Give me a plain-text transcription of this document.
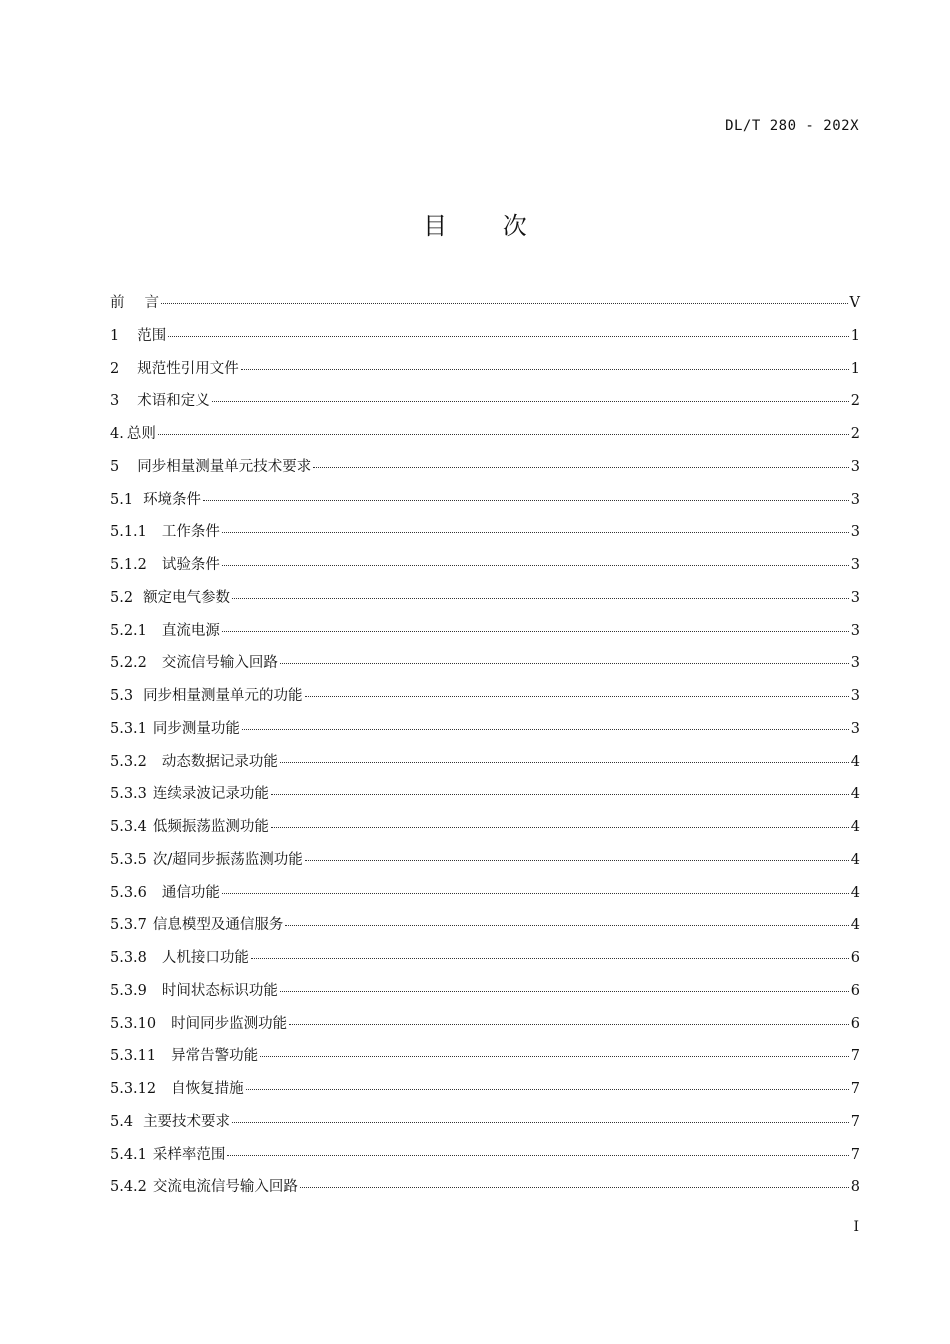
DL/T 280 - 202X
目 次
前 言	V
1 范围	1
2 规范性引用文件	1
3 术语和定义	2
4. 总则	2
5 同步相量测量单元技术要求	3
5.1 环境条件	3
5.1.1 工作条件	3
5.1.2 试验条件	3
5.2 额定电气参数	3
5.2.1 直流电源	3
5.2.2 交流信号输入回路	3
5.3 同步相量测量单元的功能	3
5.3.1 同步测量功能	3
5.3.2 动态数据记录功能	4
5.3.3 连续录波记录功能	4
5.3.4 低频振荡监测功能	4
5.3.5 次/超同步振荡监测功能	4
5.3.6 通信功能	4
5.3.7 信息模型及通信服务	4
5.3.8 人机接口功能	6
5.3.9 时间状态标识功能	6
5.3.10 时间同步监测功能	6
5.3.11 异常告警功能	7
5.3.12 自恢复措施	7
5.4 主要技术要求	7
5.4.1 采样率范围	7
5.4.2 交流电流信号输入回路	8
I
